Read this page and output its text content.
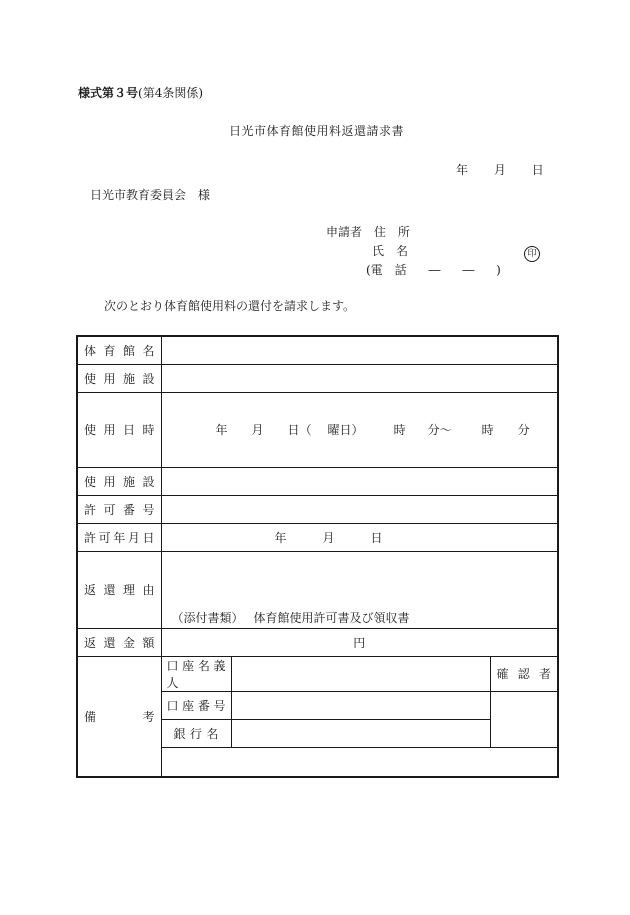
様式第３号(第4条関係)
日光市体育館使用料返還請求書
年 月 日
日光市教育委員会　様
申請者 住　所
氏　名	印
(電　話 ― ― )
次のとおり体育館使用料の還付を請求します。
体育館名			
使用施設			
使用日時	年 月 日（ 曜日） 時 分～ 時 分		
使用施設			
許可番号			
許可年月日	年 月 日		
返還理由	（添付書類） 体育館使用許可書及び領収書		
返還金額	円		
備　　　 考	口座名義人		確認者
	口座番号		
	銀行名		
